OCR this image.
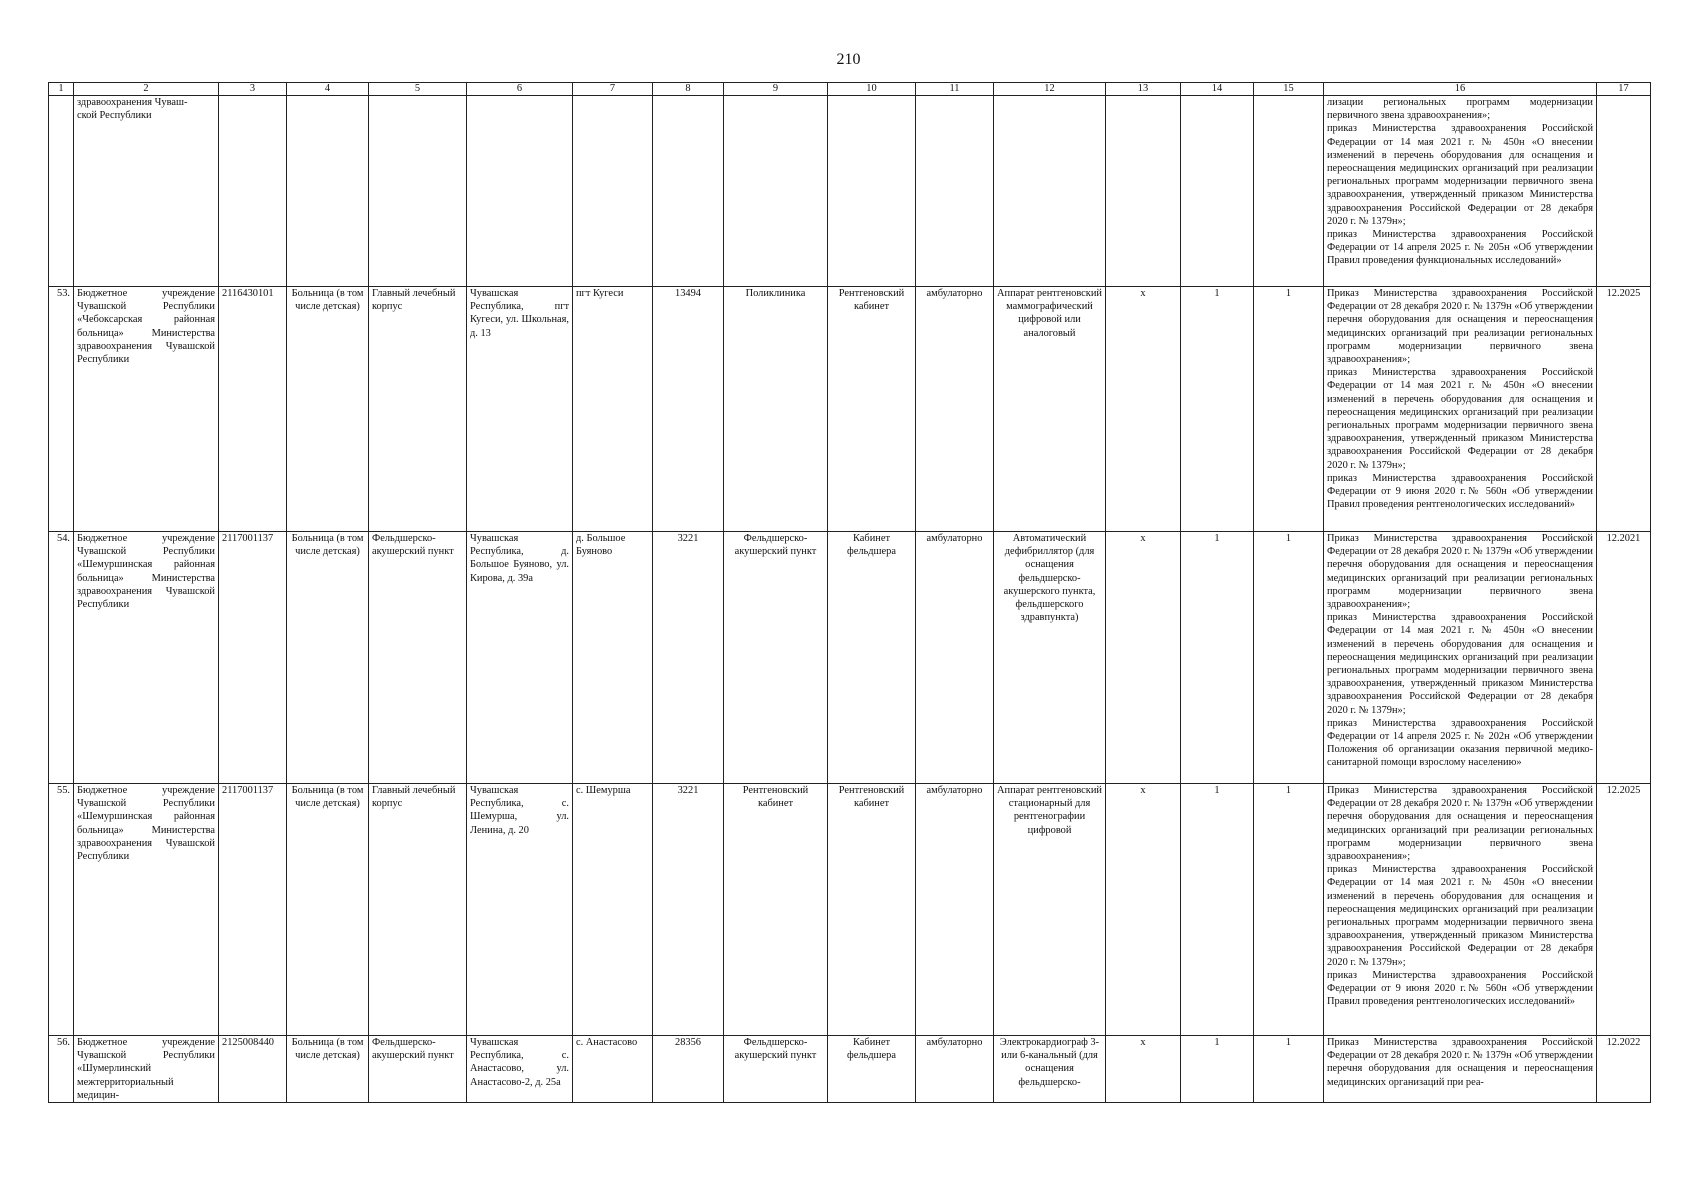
210
1	2	3	4	5	6	7	8	9	10	11	12	13	14	15	16	17
	здравоохранения Чуваш-
ской Республики														лизации региональных программ модернизации первичного звена здравоохранения»;
приказ Министерства здравоохранения Российской Федерации от 14 мая 2021 г. № 450н «О внесении изменений в перечень оборудования для оснащения и переоснащения медицинских организаций при реализации региональных программ модернизации первичного звена здравоохранения, утвержденный приказом Министерства здравоохранения Российской Федерации от 28 декабря 2020 г. № 1379н»;
приказ Министерства здравоохранения Российской Федерации от 14 апреля 2025 г. № 205н «Об утверждении Правил проведения функциональных исследований»	
53.	Бюджетное учреждение Чувашской Республики «Чебоксарская районная больница» Министерства здравоохранения Чувашской Республики	2116430101	Больница (в том числе детская)	Главный лечебный корпус	Чувашская Республика, пгт Кугеси, ул. Школьная, д. 13	пгт Кугеси	13494	Поликлиника	Рентгеновский кабинет	амбулаторно	Аппарат рентгеновский маммографический цифровой или аналоговый	x	1	1	Приказ Министерства здравоохранения Российской Федерации от 28 декабря 2020 г. № 1379н «Об утверждении перечня оборудования для оснащения и переоснащения медицинских организаций при реализации региональных программ модернизации первичного звена здравоохранения»;
приказ Министерства здравоохранения Российской Федерации от 14 мая 2021 г. № 450н «О внесении изменений в перечень оборудования для оснащения и переоснащения медицинских организаций при реализации региональных программ модернизации первичного звена здравоохранения, утвержденный приказом Министерства здравоохранения Российской Федерации от 28 декабря 2020 г. № 1379н»;
приказ Министерства здравоохранения Российской Федерации от 9 июня 2020 г.№ 560н «Об утверждении Правил проведения рентгенологических исследований»	12.2025
54.	Бюджетное учреждение Чувашской Республики «Шемуршинская районная больница» Министерства здравоохранения Чувашской Республики	2117001137	Больница (в том числе детская)	Фельдшерско-акушерский пункт	Чувашская Республика, д. Большое Буяново, ул. Кирова, д. 39а	д. Большое Буяново	3221	Фельдшерско-акушерский пункт	Кабинет фельдшера	амбулаторно	Автоматический дефибриллятор (для оснащения фельдшерско-акушерского пункта, фельдшерского здравпункта)	x	1	1	Приказ Министерства здравоохранения Российской Федерации от 28 декабря 2020 г. № 1379н «Об утверждении перечня оборудования для оснащения и переоснащения медицинских организаций при реализации региональных программ модернизации первичного звена здравоохранения»;
приказ Министерства здравоохранения Российской Федерации от 14 мая 2021 г. № 450н «О внесении изменений в перечень оборудования для оснащения и переоснащения медицинских организаций при реализации региональных программ модернизации первичного звена здравоохранения, утвержденный приказом Министерства здравоохранения Российской Федерации от 28 декабря 2020 г. № 1379н»;
приказ Министерства здравоохранения Российской Федерации от 14 апреля 2025 г. № 202н «Об утверждении Положения об организации оказания первичной медико-санитарной помощи взрослому населению»	12.2021
55.	Бюджетное учреждение Чувашской Республики «Шемуршинская районная больница» Министерства здравоохранения Чувашской Республики	2117001137	Больница (в том числе детская)	Главный лечебный корпус	Чувашская Республика, с. Шемурша, ул. Ленина, д. 20	с. Шемурша	3221	Рентгеновский кабинет	Рентгеновский кабинет	амбулаторно	Аппарат рентгеновский стационарный для рентгенографии цифровой	x	1	1	Приказ Министерства здравоохранения Российской Федерации от 28 декабря 2020 г. № 1379н «Об утверждении перечня оборудования для оснащения и переоснащения медицинских организаций при реализации региональных программ модернизации первичного звена здравоохранения»;
приказ Министерства здравоохранения Российской Федерации от 14 мая 2021 г. № 450н «О внесении изменений в перечень оборудования для оснащения и переоснащения медицинских организаций при реализации региональных программ модернизации первичного звена здравоохранения, утвержденный приказом Министерства здравоохранения Российской Федерации от 28 декабря 2020 г. № 1379н»;
приказ Министерства здравоохранения Российской Федерации от 9 июня 2020 г.№ 560н «Об утверждении Правил проведения рентгенологических исследований»	12.2025
56.	Бюджетное учреждение Чувашской Республики «Шумерлинский межтерриториальный медицин-	2125008440	Больница (в том числе детская)	Фельдшерско-акушерский пункт	Чувашская Республика, с. Анастасово, ул. Анастасово-2, д. 25а	с. Анастасово	28356	Фельдшерско-акушерский пункт	Кабинет фельдшера	амбулаторно	Электрокардиограф 3- или 6-канальный (для оснащения фельдшерско-	x	1	1	Приказ Министерства здравоохранения Российской Федерации от 28 декабря 2020 г. № 1379н «Об утверждении перечня оборудования для оснащения и переоснащения медицинских организаций при реа-	12.2022
